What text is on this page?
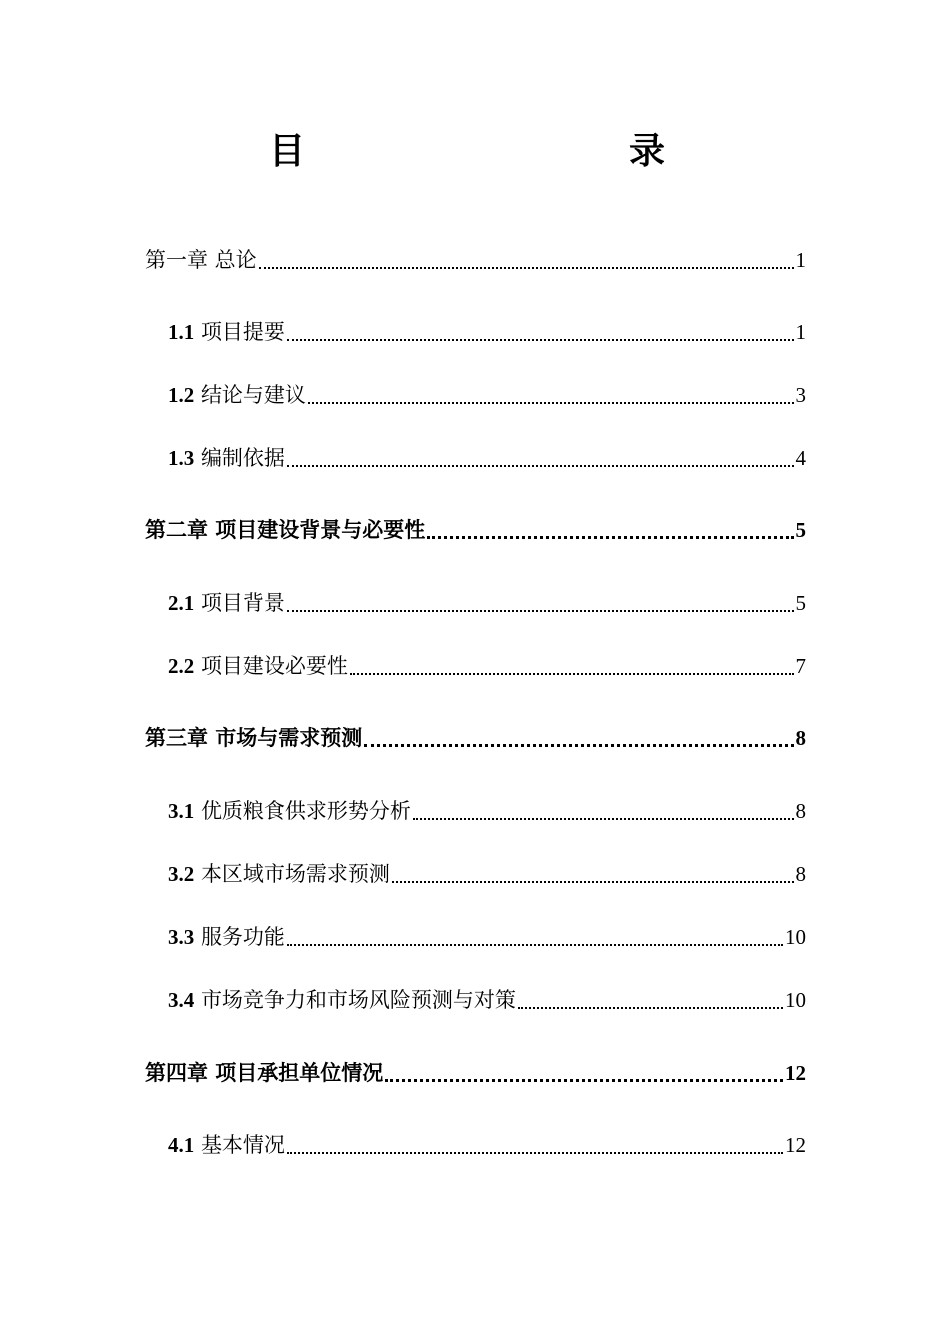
目　　录
第一章 总论	1
1.1 项目提要	1
1.2 结论与建议	3
1.3 编制依据	4
第二章 项目建设背景与必要性	5
2.1 项目背景	5
2.2 项目建设必要性	7
第三章 市场与需求预测	8
3.1 优质粮食供求形势分析	8
3.2 本区域市场需求预测	8
3.3 服务功能	10
3.4 市场竞争力和市场风险预测与对策	10
第四章 项目承担单位情况	12
4.1 基本情况	12
